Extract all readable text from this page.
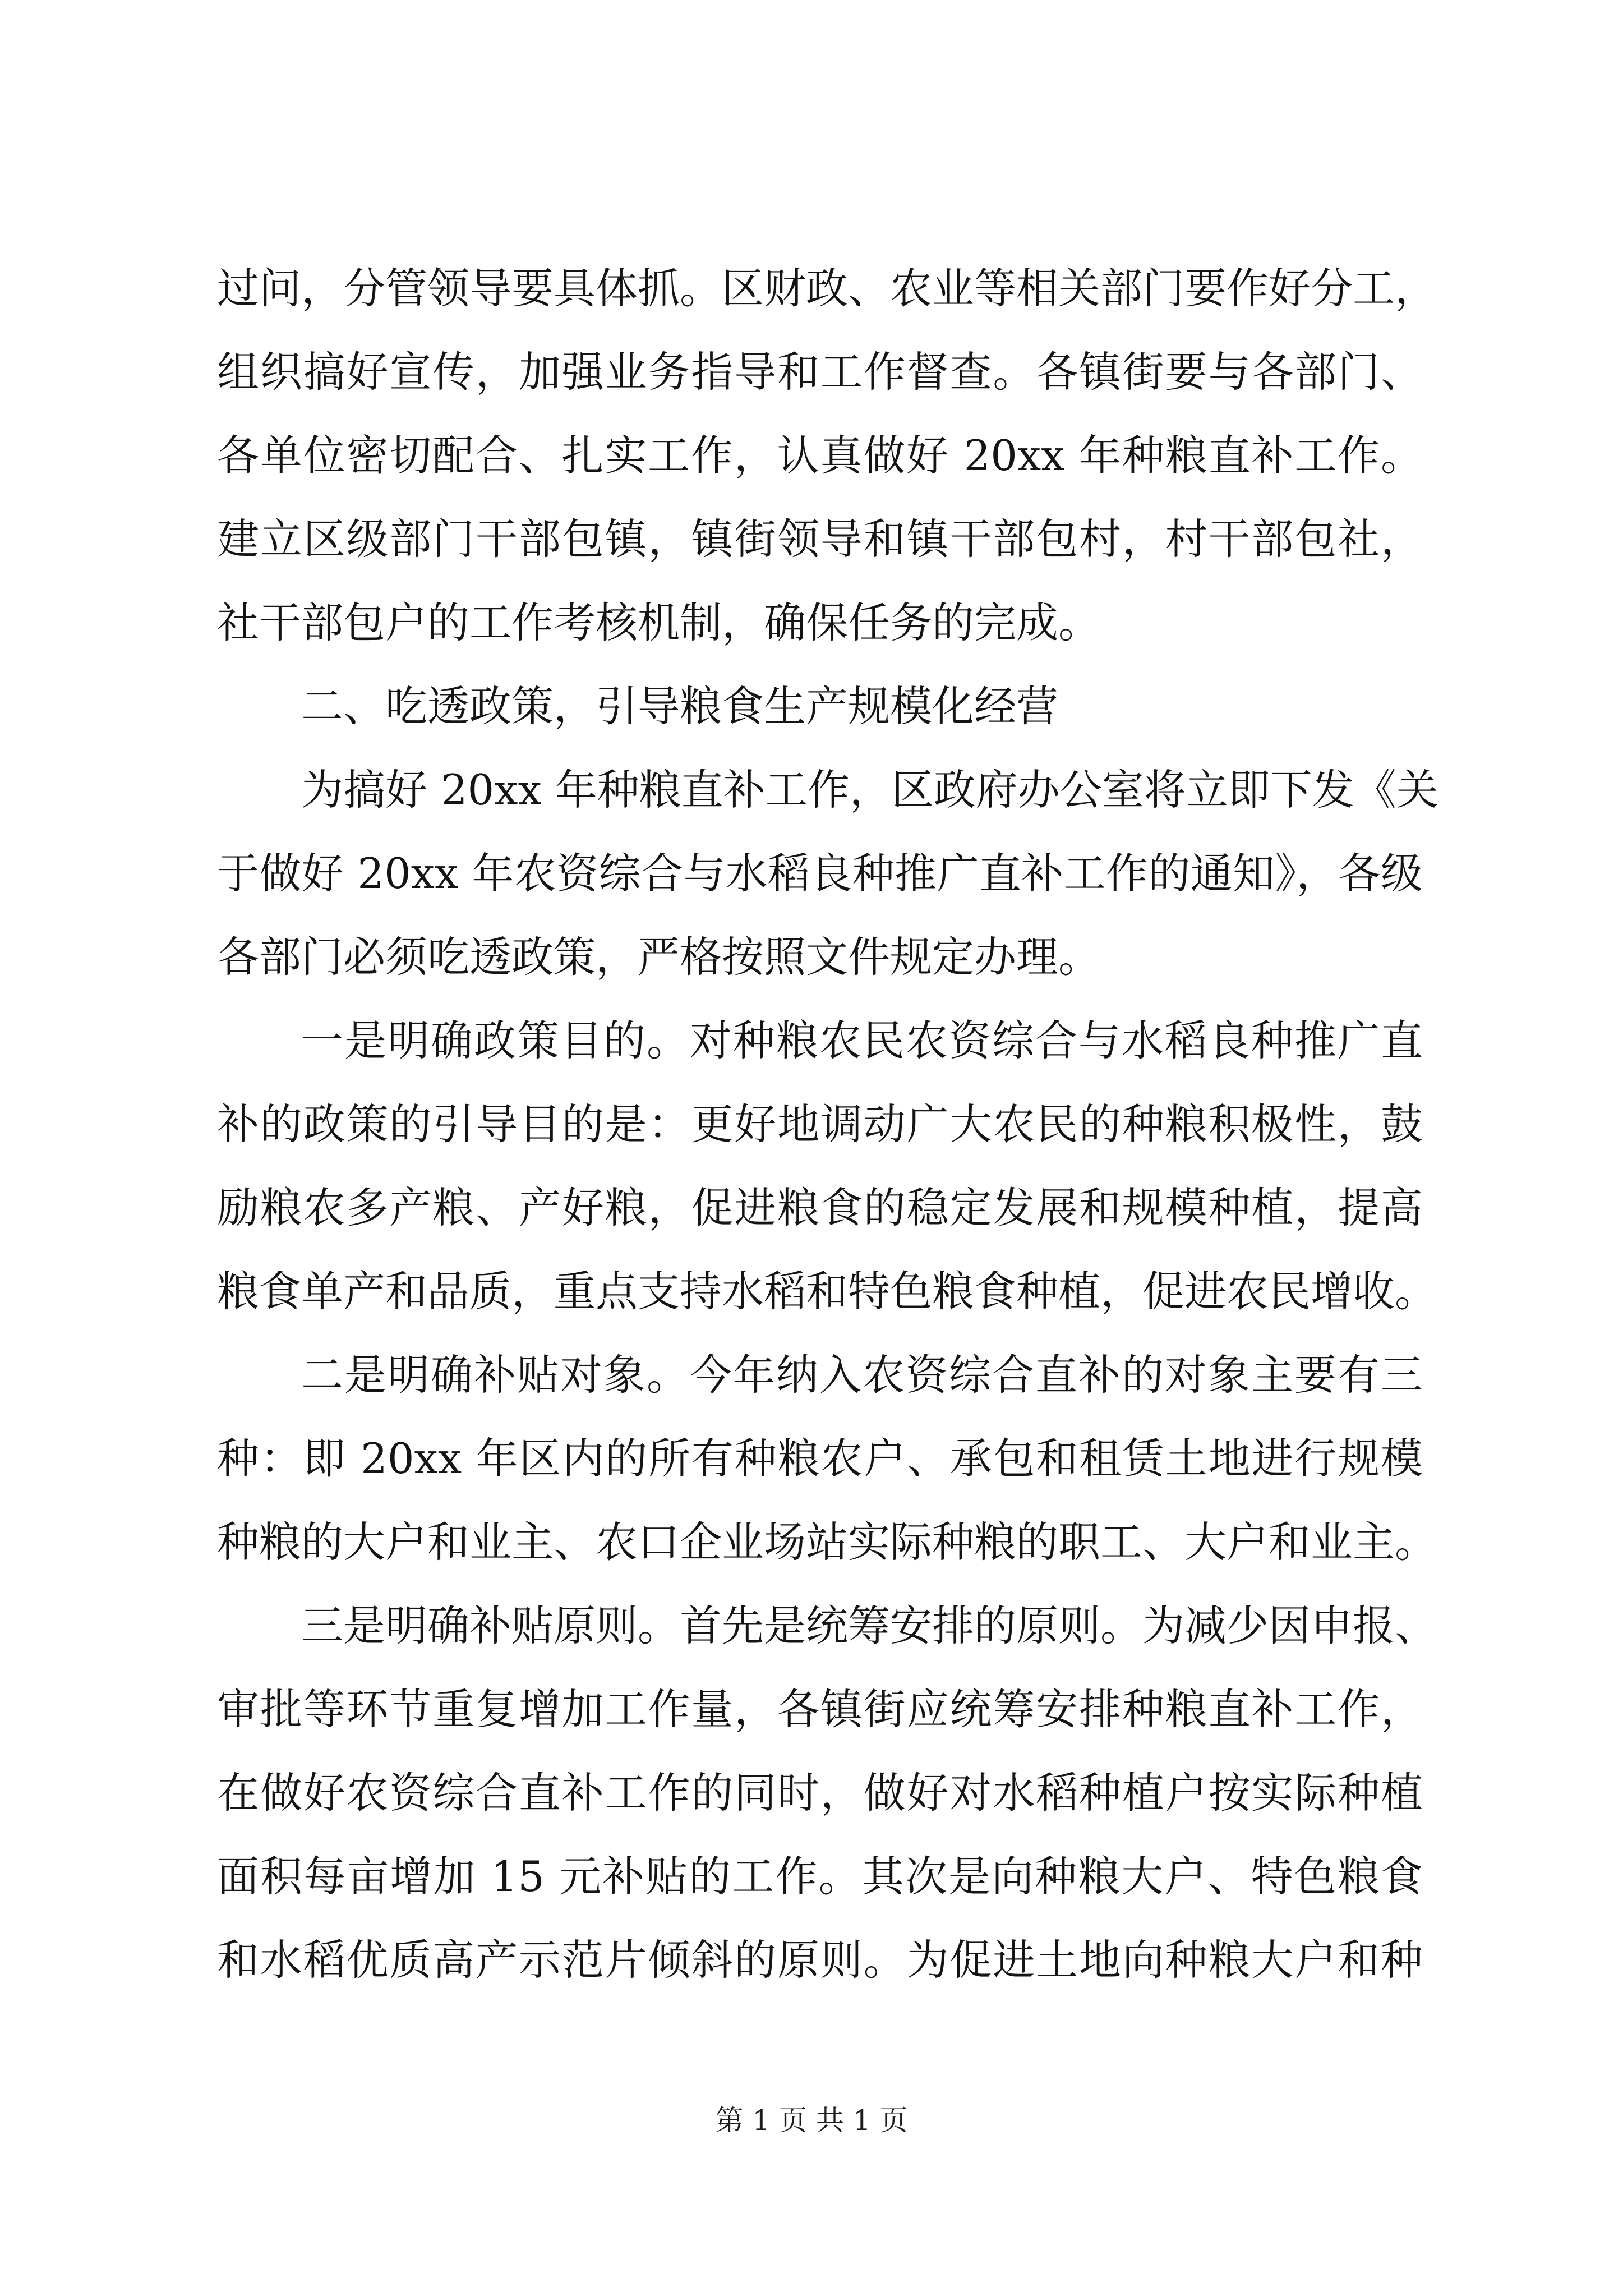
过问，分管领导要具体抓。区财政、农业等相关部门要作好分工，
组织搞好宣传，加强业务指导和工作督查。各镇街要与各部门、
各单位密切配合、扎实工作，认真做好 20xx 年种粮直补工作。
建立区级部门干部包镇，镇街领导和镇干部包村，村干部包社，
社干部包户的工作考核机制，确保任务的完成。
二、吃透政策，引导粮食生产规模化经营
为搞好 20xx 年种粮直补工作，区政府办公室将立即下发《关
于做好 20xx 年农资综合与水稻良种推广直补工作的通知》，各级
各部门必须吃透政策，严格按照文件规定办理。
一是明确政策目的。对种粮农民农资综合与水稻良种推广直
补的政策的引导目的是：更好地调动广大农民的种粮积极性，鼓
励粮农多产粮、产好粮，促进粮食的稳定发展和规模种植，提高
粮食单产和品质，重点支持水稻和特色粮食种植，促进农民增收。
二是明确补贴对象。今年纳入农资综合直补的对象主要有三
种：即 20xx 年区内的所有种粮农户、承包和租赁土地进行规模
种粮的大户和业主、农口企业场站实际种粮的职工、大户和业主。
三是明确补贴原则。首先是统筹安排的原则。为减少因申报、
审批等环节重复增加工作量，各镇街应统筹安排种粮直补工作，
在做好农资综合直补工作的同时，做好对水稻种植户按实际种植
面积每亩增加 15 元补贴的工作。其次是向种粮大户、特色粮食
和水稻优质高产示范片倾斜的原则。为促进土地向种粮大户和种
第 1 页 共 1 页
